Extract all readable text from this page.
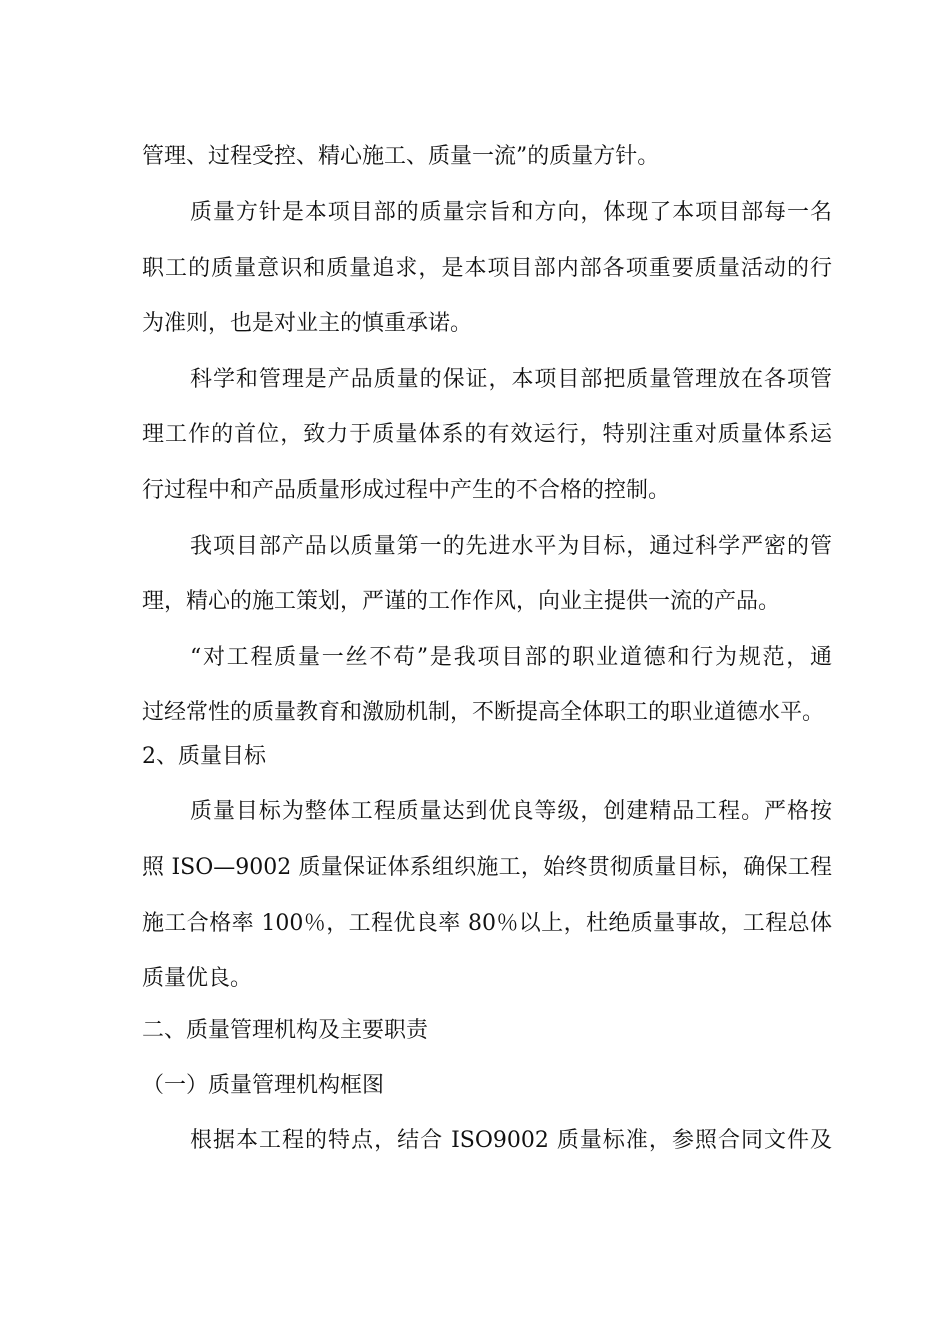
管理、过程受控、精心施工、质量一流”的质量方针。
质量方针是本项目部的质量宗旨和方向，体现了本项目部每一名
职工的质量意识和质量追求，是本项目部内部各项重要质量活动的行
为准则，也是对业主的慎重承诺。
科学和管理是产品质量的保证，本项目部把质量管理放在各项管
理工作的首位，致力于质量体系的有效运行，特别注重对质量体系运
行过程中和产品质量形成过程中产生的不合格的控制。
我项目部产品以质量第一的先进水平为目标，通过科学严密的管
理，精心的施工策划，严谨的工作作风，向业主提供一流的产品。
“对工程质量一丝不苟”是我项目部的职业道德和行为规范，通
过经常性的质量教育和激励机制，不断提高全体职工的职业道德水平。
2、质量目标
质量目标为整体工程质量达到优良等级，创建精品工程。严格按
照 ISO—9002 质量保证体系组织施工，始终贯彻质量目标，确保工程
施工合格率 100％，工程优良率 80％以上，杜绝质量事故，工程总体
质量优良。
二、质量管理机构及主要职责
（一）质量管理机构框图
根据本工程的特点，结合 ISO9002 质量标准，参照合同文件及
